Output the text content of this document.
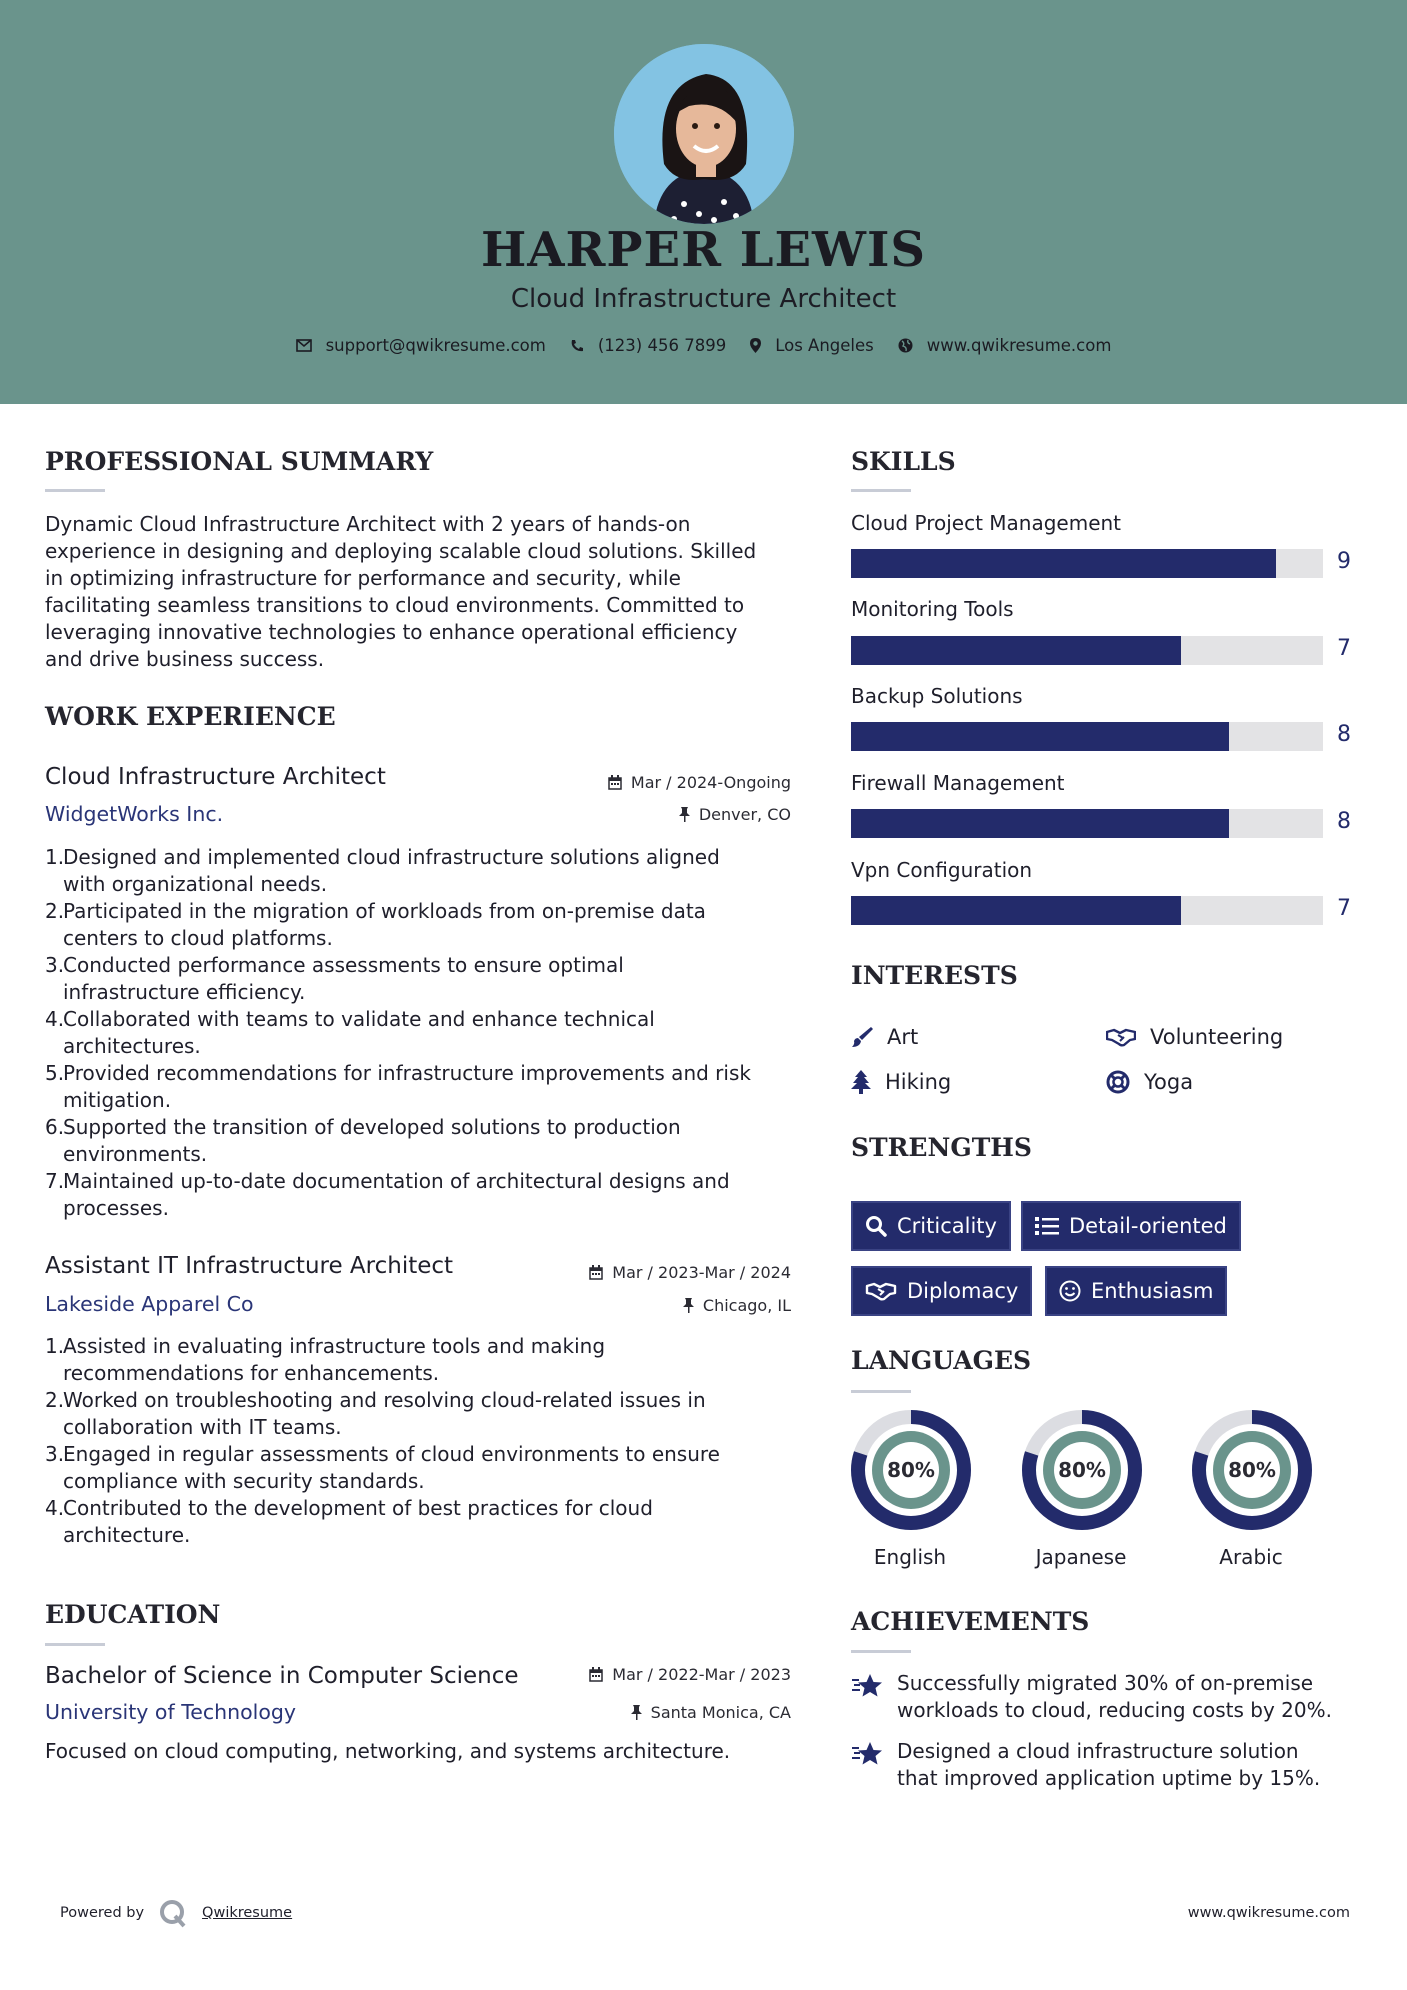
HARPER LEWIS
Cloud Infrastructure Architect
support@qwikresume.com	(123) 456 7899	Los Angeles	www.qwikresume.com
PROFESSIONAL SUMMARY
Dynamic Cloud Infrastructure Architect with 2 years of hands-on
experience in designing and deploying scalable cloud solutions. Skilled
in optimizing infrastructure for performance and security, while
facilitating seamless transitions to cloud environments. Committed to
leveraging innovative technologies to enhance operational efficiency
and drive business success.
WORK EXPERIENCE
Cloud Infrastructure Architect	Mar / 2024-Ongoing
WidgetWorks Inc.	Denver, CO
1.
Designed and implemented cloud infrastructure solutions aligned
with organizational needs.
2.
Participated in the migration of workloads from on-premise data
centers to cloud platforms.
3.
Conducted performance assessments to ensure optimal
infrastructure efficiency.
4.
Collaborated with teams to validate and enhance technical
architectures.
5.
Provided recommendations for infrastructure improvements and risk
mitigation.
6.
Supported the transition of developed solutions to production
environments.
7.
Maintained up-to-date documentation of architectural designs and
processes.
Assistant IT Infrastructure Architect	Mar / 2023-Mar / 2024
Lakeside Apparel Co	Chicago, IL
1.
Assisted in evaluating infrastructure tools and making
recommendations for enhancements.
2.
Worked on troubleshooting and resolving cloud-related issues in
collaboration with IT teams.
3.
Engaged in regular assessments of cloud environments to ensure
compliance with security standards.
4.
Contributed to the development of best practices for cloud
architecture.
EDUCATION
Bachelor of Science in Computer Science	Mar / 2022-Mar / 2023
University of Technology	Santa Monica, CA
Focused on cloud computing, networking, and systems architecture.
SKILLS
Cloud Project Management
9
Monitoring Tools
7
Backup Solutions
8
Firewall Management
8
Vpn Configuration
7
INTERESTS
Art	Volunteering
Hiking	Yoga
STRENGTHS
Criticality	Detail-oriented
Diplomacy	Enthusiasm
LANGUAGES
80%	80%	80%
English	Japanese	Arabic
ACHIEVEMENTS
Successfully migrated 30% of on-premise
workloads to cloud, reducing costs by 20%.
Designed a cloud infrastructure solution
that improved application uptime by 15%.
Powered by	Qwikresume	www.qwikresume.com
